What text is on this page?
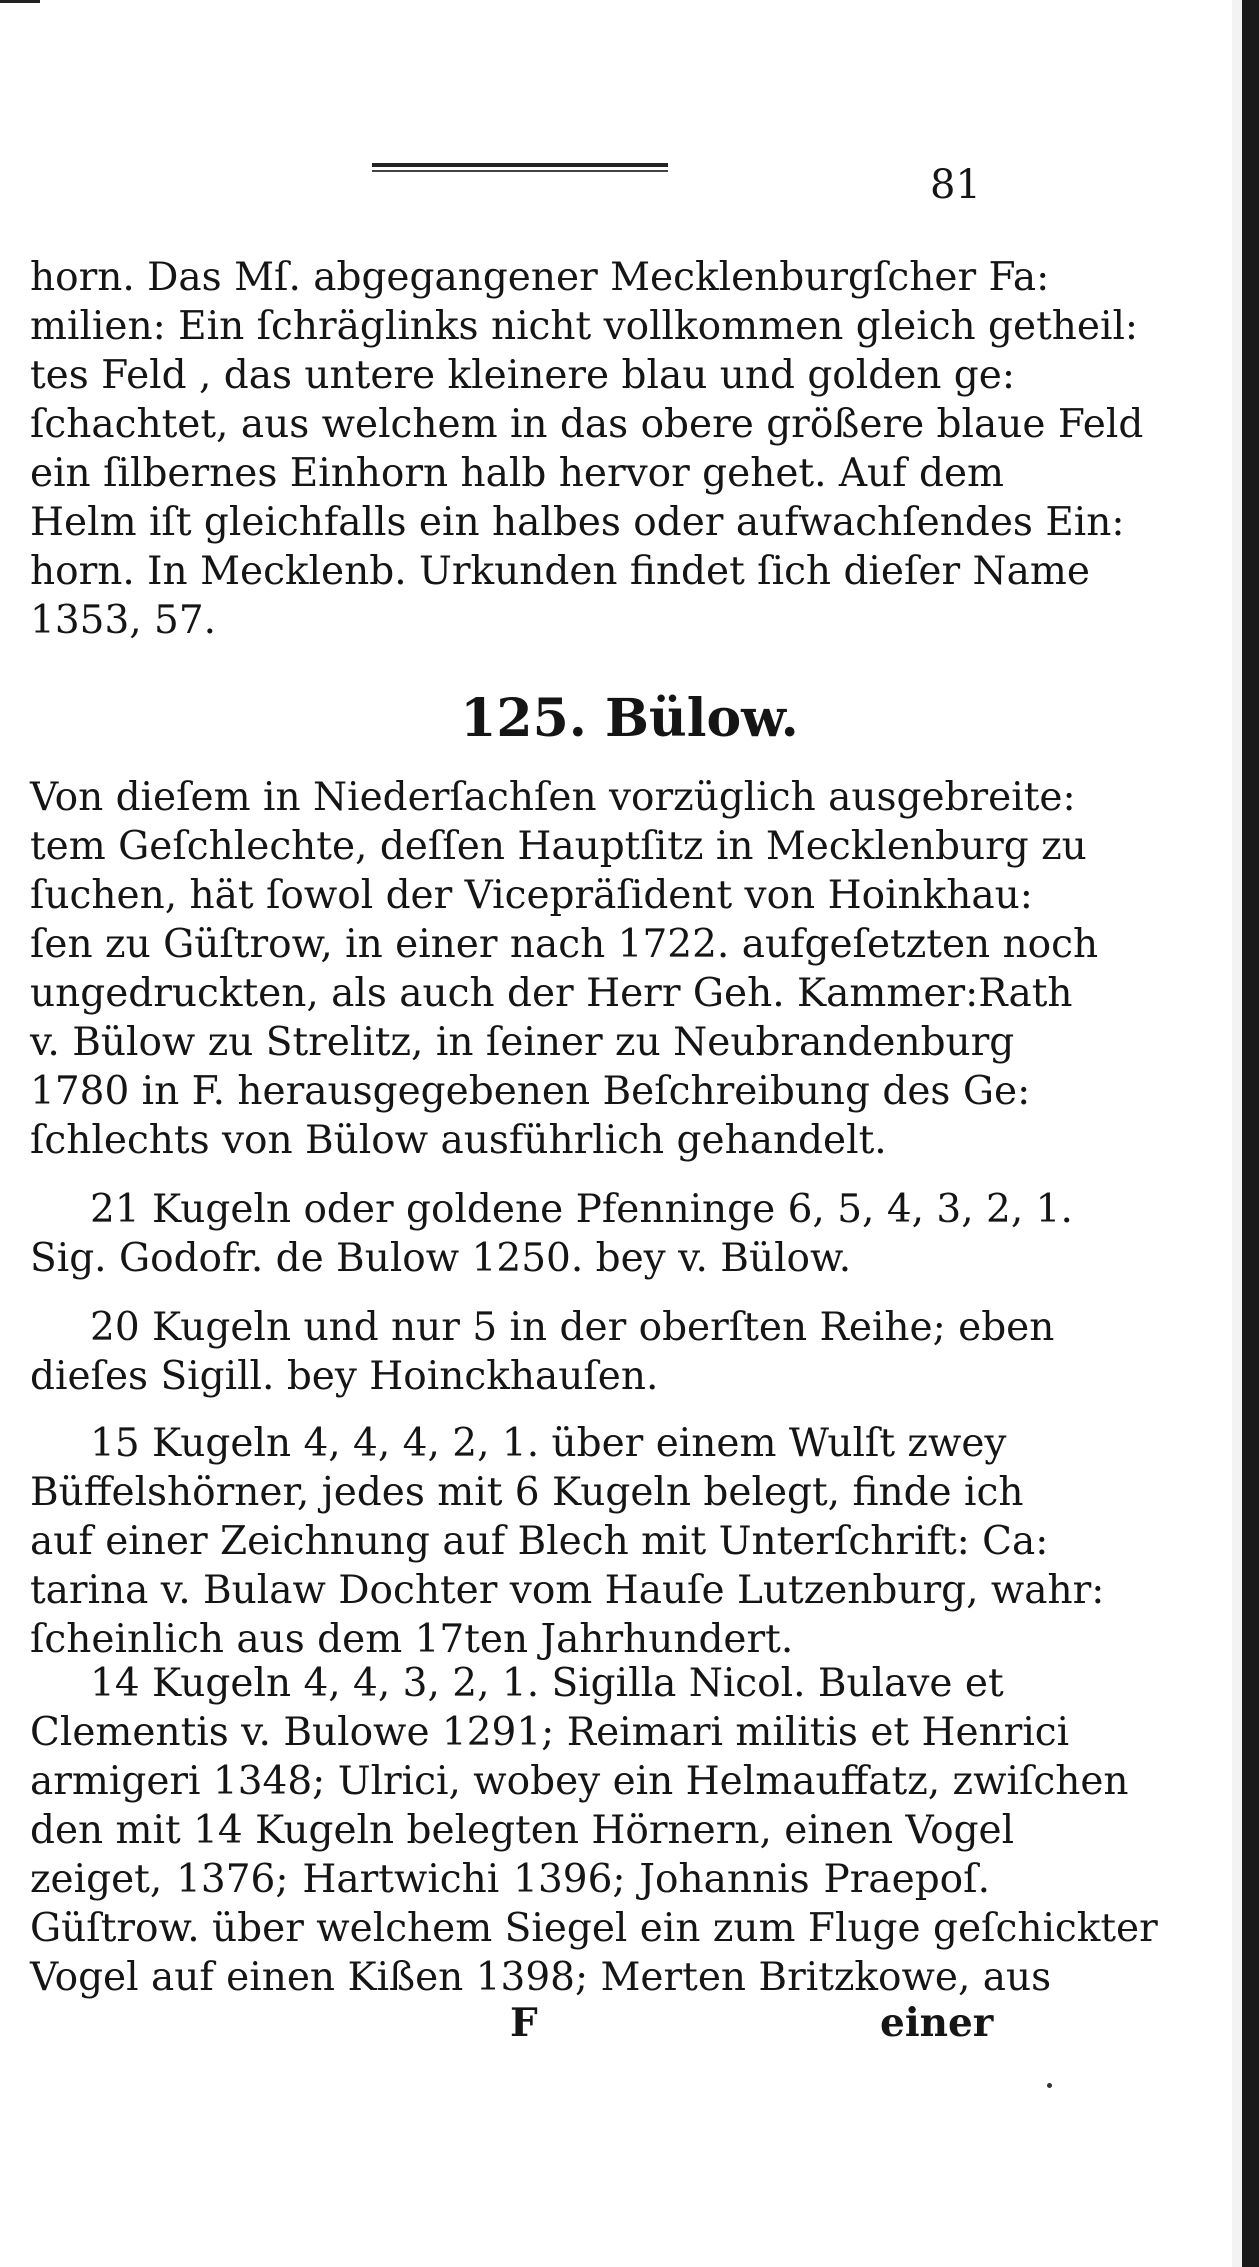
81
horn. Das Mſ. abgegangener Mecklenburgſcher Fa:
milien: Ein ſchräglinks nicht vollkommen gleich getheil:
tes Feld , das untere kleinere blau und golden ge:
ſchachtet, aus welchem in das obere größere blaue Feld
ein ſilbernes Einhorn halb hervor gehet. Auf dem
Helm iſt gleichfalls ein halbes oder aufwachſendes Ein:
horn. In Mecklenb. Urkunden findet ſich dieſer Name
1353, 57.
Von dieſem in Niederſachſen vorzüglich ausgebreite:
tem Geſchlechte, deſſen Hauptſitz in Mecklenburg zu
ſuchen, hät ſowol der Vicepräſident von Hoinkhau:
ſen zu Güſtrow, in einer nach 1722. aufgeſetzten noch
ungedruckten, als auch der Herr Geh. Kammer:Rath
v. Bülow zu Strelitz, in ſeiner zu Neubrandenburg
1780 in F. herausgegebenen Beſchreibung des Ge:
ſchlechts von Bülow ausführlich gehandelt.
21 Kugeln oder goldene Pfenninge 6, 5, 4, 3, 2, 1.
Sig. Godofr. de Bulow 1250. bey v. Bülow.
20 Kugeln und nur 5 in der oberſten Reihe; eben
dieſes Sigill. bey Hoinckhauſen.
15 Kugeln 4, 4, 4, 2, 1. über einem Wulſt zwey
Büffelshörner, jedes mit 6 Kugeln belegt, finde ich
auf einer Zeichnung auf Blech mit Unterſchrift: Ca:
tarina v. Bulaw Dochter vom Hauſe Lutzenburg, wahr:
ſcheinlich aus dem 17ten Jahrhundert.
14 Kugeln 4, 4, 3, 2, 1. Sigilla Nicol. Bulave et
Clementis v. Bulowe 1291; Reimari militis et Henrici
armigeri 1348; Ulrici, wobey ein Helmauffatz, zwiſchen
den mit 14 Kugeln belegten Hörnern, einen Vogel
zeiget, 1376; Hartwichi 1396; Johannis Praepoſ.
Güſtrow. über welchem Siegel ein zum Fluge geſchickter
Vogel auf einen Kißen 1398; Merten Britzkowe, aus
125. Bülow.
F	einer
